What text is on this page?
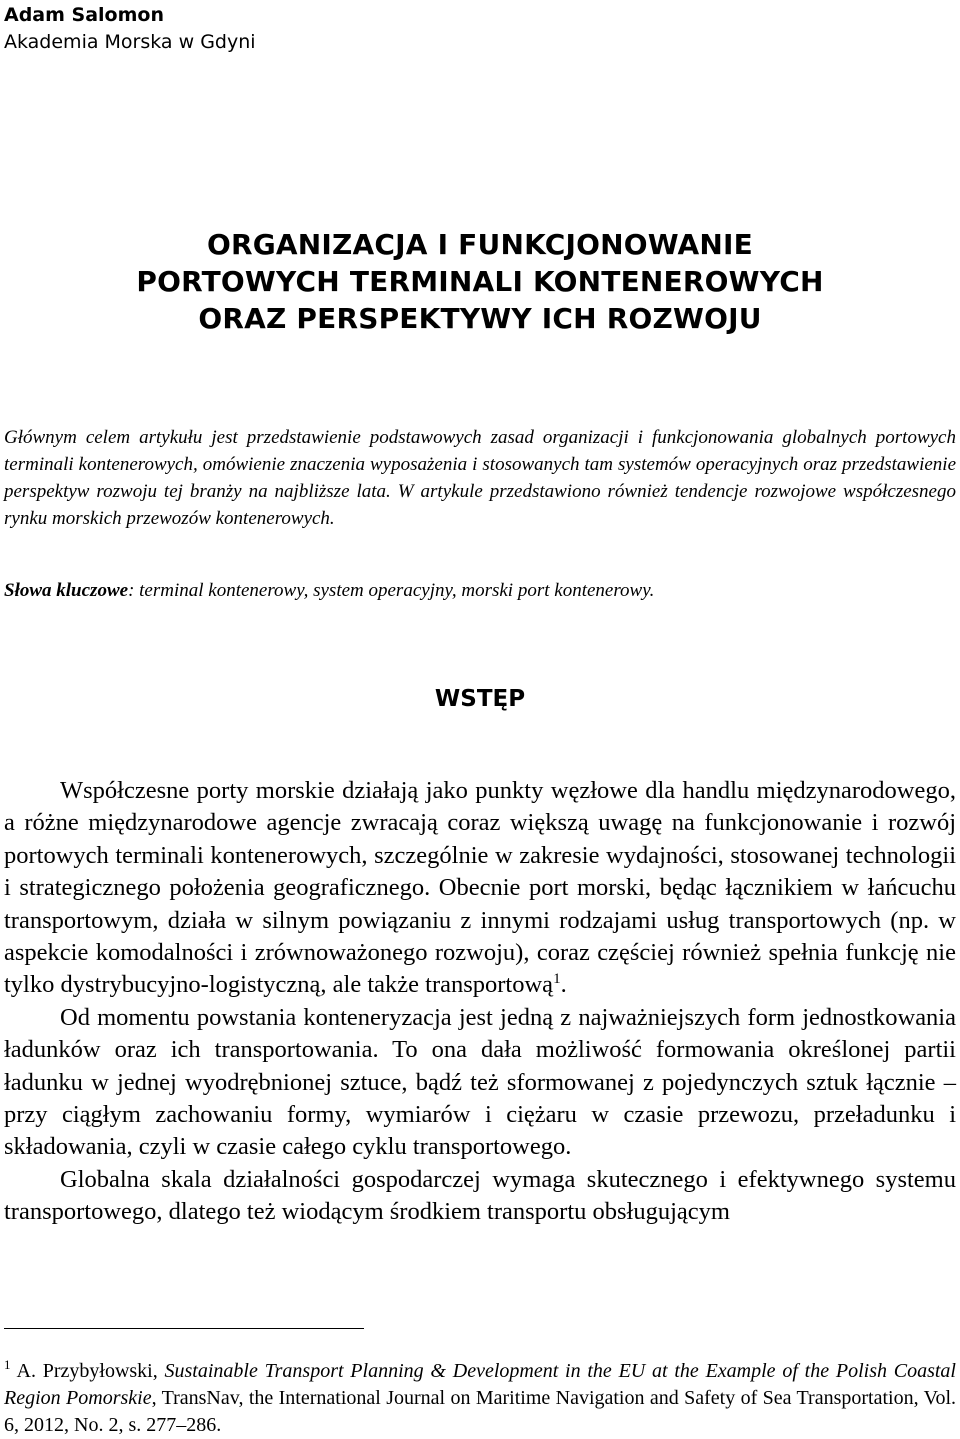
Adam Salomon
Akademia Morska w Gdyni
ORGANIZACJA I FUNKCJONOWANIE
PORTOWYCH TERMINALI KONTENEROWYCH
ORAZ PERSPEKTYWY ICH ROZWOJU

Głównym celem artykułu jest przedstawienie podstawowych zasad organizacji i funkcjonowania globalnych portowych terminali kontenerowych, omówienie znaczenia wyposażenia i stosowanych tam systemów operacyjnych oraz przedstawienie perspektyw rozwoju tej branży na najbliższe lata. W artykule przedstawiono również tendencje rozwojowe współczesnego rynku morskich przewozów kontenerowych.

Słowa kluczowe: terminal kontenerowy, system operacyjny, morski port kontenerowy.
WSTĘP

Współczesne porty morskie działają jako punkty węzłowe dla handlu międzynarodowego, a różne międzynarodowe agencje zwracają coraz większą uwagę na funkcjonowanie i rozwój portowych terminali kontenerowych, szczególnie w zakresie wydajności, stosowanej technologii i strategicznego położenia geograficznego. Obecnie port morski, będąc łącznikiem w łańcuchu transportowym, działa w silnym powiązaniu z innymi rodzajami usług transportowych (np. w aspekcie komodalności i zrównoważonego rozwoju), coraz częściej również spełnia funkcję nie tylko dystrybucyjno-logistyczną, ale także transportową$^1$.

Od momentu powstania konteneryzacja jest jedną z najważniejszych form jednostkowania ładunków oraz ich transportowania. To ona dała możliwość formowania określonej partii ładunku w jednej wyodrębnionej sztuce, bądź też sformowanej z pojedynczych sztuk łącznie – przy ciągłym zachowaniu formy, wymiarów i ciężaru w czasie przewozu, przeładunku i składowania, czyli w czasie całego cyklu transportowego.

Globalna skala działalności gospodarczej wymaga skutecznego i efektywnego systemu transportowego, dlatego też wiodącym środkiem transportu obsługującym

$^1$ A. Przybyłowski, Sustainable Transport Planning & Development in the EU at the Example of the Polish Coastal Region Pomorskie, TransNav, the International Journal on Maritime Navigation and Safety of Sea Transportation, Vol. 6, 2012, No. 2, s. 277–286.
